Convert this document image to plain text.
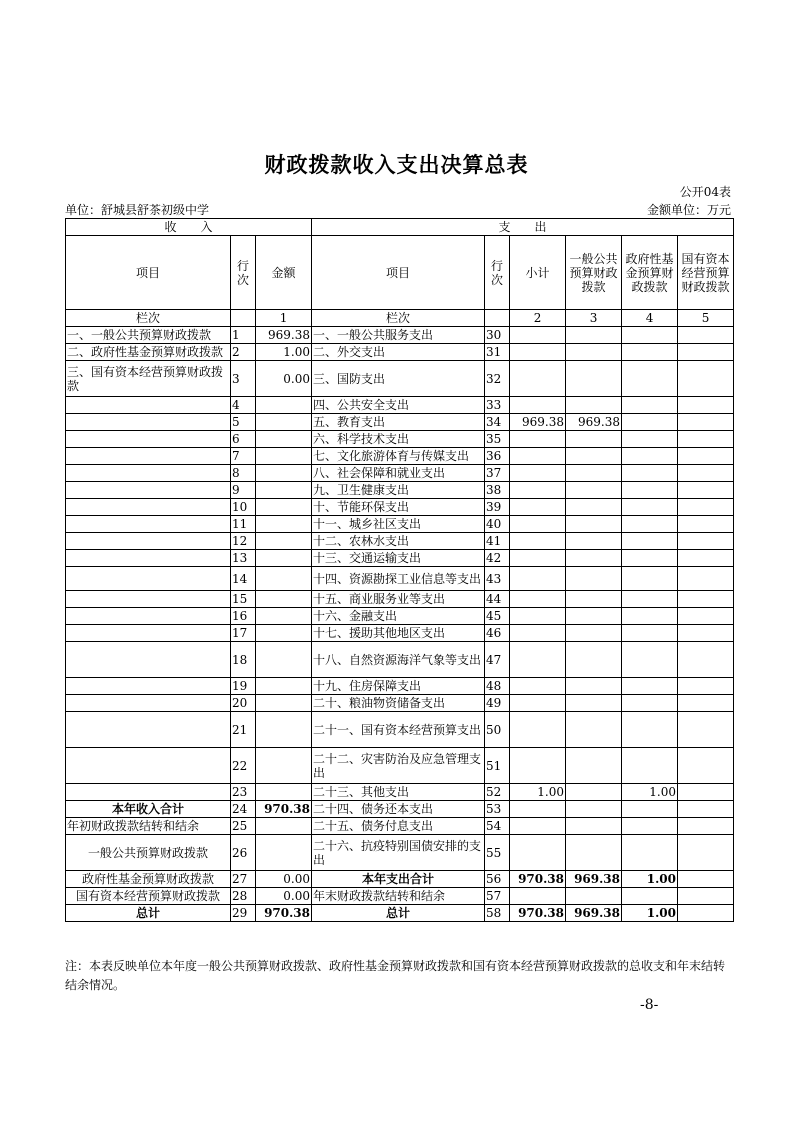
财政拨款收入支出决算总表
公开04表
单位：舒城县舒茶初级中学	金额单位：万元
收　　入			支　　出					
项目	行次	金额	项目	行次	小计	一般公共预算财政拨款	政府性基金预算财政拨款	国有资本经营预算财政拨款
栏次		1	栏次		2	3	4	5
一、一般公共预算财政拨款	1	969.38	一、一般公共服务支出	30				
二、政府性基金预算财政拨款	2	1.00	二、外交支出	31				
三、国有资本经营预算财政拨款	3	0.00	三、国防支出	32				
	4		四、公共安全支出	33				
	5		五、教育支出	34	969.38	969.38		
	6		六、科学技术支出	35				
	7		七、文化旅游体育与传媒支出	36				
	8		八、社会保障和就业支出	37				
	9		九、卫生健康支出	38				
	10		十、节能环保支出	39				
	11		十一、城乡社区支出	40				
	12		十二、农林水支出	41				
	13		十三、交通运输支出	42				
	14		十四、资源勘探工业信息等支出	43				
	15		十五、商业服务业等支出	44				
	16		十六、金融支出	45				
	17		十七、援助其他地区支出	46				
	18		十八、自然资源海洋气象等支出	47				
	19		十九、住房保障支出	48				
	20		二十、粮油物资储备支出	49				
	21		二十一、国有资本经营预算支出	50				
	22		二十二、灾害防治及应急管理支出	51				
	23		二十三、其他支出	52	1.00		1.00	
本年收入合计	24	970.38	二十四、债务还本支出	53				
年初财政拨款结转和结余	25		二十五、债务付息支出	54				
一般公共预算财政拨款	26		二十六、抗疫特别国债安排的支出	55				
政府性基金预算财政拨款	27	0.00	本年支出合计	56	970.38	969.38	1.00	
国有资本经营预算财政拨款	28	0.00	年末财政拨款结转和结余	57				
总计	29	970.38	总计	58	970.38	969.38	1.00	
注：本表反映单位本年度一般公共预算财政拨款、政府性基金预算财政拨款和国有资本经营预算财政拨款的总收支和年末结转结余情况。
-8-
